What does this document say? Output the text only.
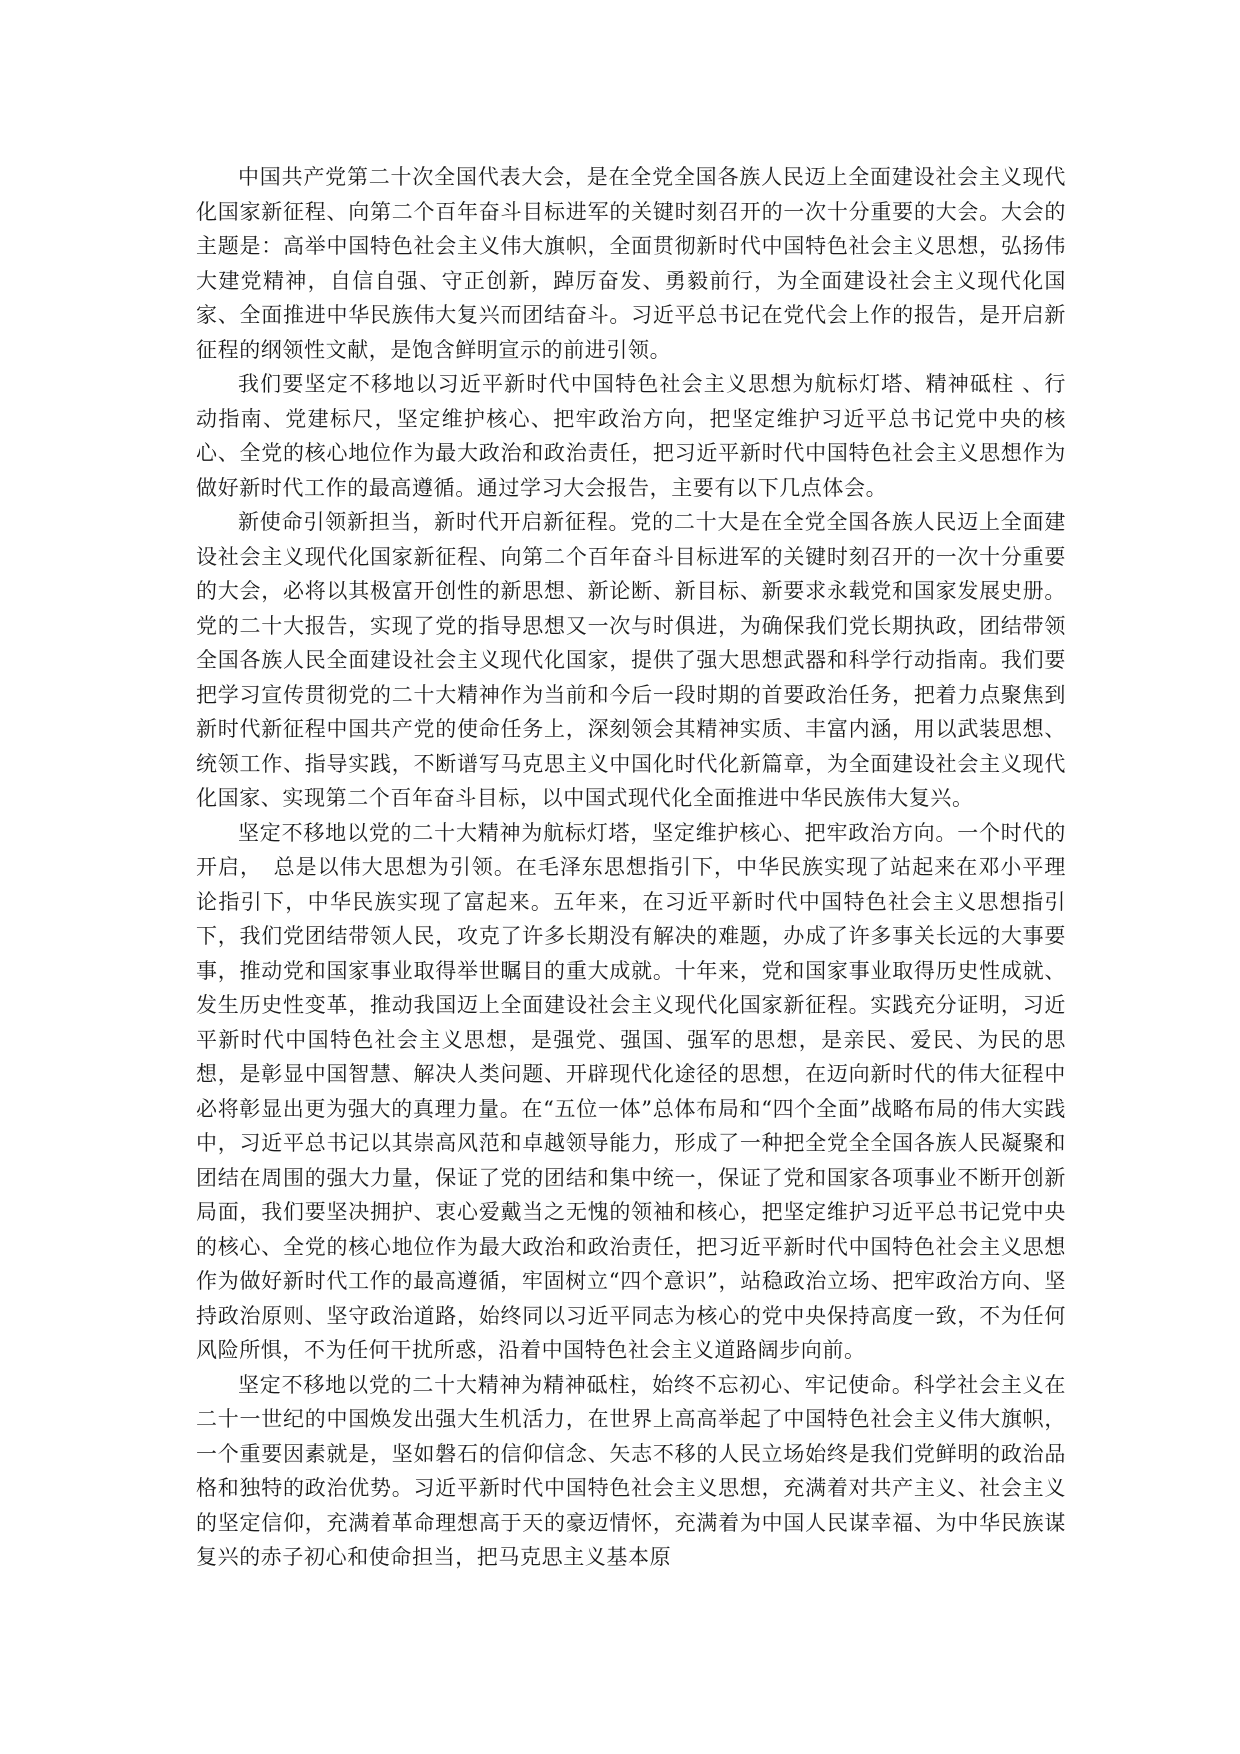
中国共产党第二十次全国代表大会，是在全党全国各族人民迈上全面建设社会主义现代化国家新征程、向第二个百年奋斗目标进军的关键时刻召开的一次十分重要的大会。大会的主题是：高举中国特色社会主义伟大旗帜，全面贯彻新时代中国特色社会主义思想，弘扬伟大建党精神，自信自强、守正创新，踔厉奋发、勇毅前行，为全面建设社会主义现代化国家、全面推进中华民族伟大复兴而团结奋斗。习近平总书记在党代会上作的报告，是开启新征程的纲领性文献，是饱含鲜明宣示的前进引领。

我们要坚定不移地以习近平新时代中国特色社会主义思想为航标灯塔、精神砥柱 、行动指南、党建标尺，坚定维护核心、把牢政治方向，把坚定维护习近平总书记党中央的核心、全党的核心地位作为最大政治和政治责任，把习近平新时代中国特色社会主义思想作为做好新时代工作的最高遵循。通过学习大会报告，主要有以下几点体会。

新使命引领新担当，新时代开启新征程。党的二十大是在全党全国各族人民迈上全面建设社会主义现代化国家新征程、向第二个百年奋斗目标进军的关键时刻召开的一次十分重要的大会，必将以其极富开创性的新思想、新论断、新目标、新要求永载党和国家发展史册。党的二十大报告，实现了党的指导思想又一次与时俱进，为确保我们党长期执政，团结带领全国各族人民全面建设社会主义现代化国家，提供了强大思想武器和科学行动指南。我们要把学习宣传贯彻党的二十大精神作为当前和今后一段时期的首要政治任务，把着力点聚焦到新时代新征程中国共产党的使命任务上，深刻领会其精神实质、丰富内涵，用以武装思想、统领工作、指导实践，不断谱写马克思主义中国化时代化新篇章，为全面建设社会主义现代化国家、实现第二个百年奋斗目标，以中国式现代化全面推进中华民族伟大复兴。

坚定不移地以党的二十大精神为航标灯塔，坚定维护核心、把牢政治方向。一个时代的开启，　总是以伟大思想为引领。在毛泽东思想指引下，中华民族实现了站起来在邓小平理论指引下，中华民族实现了富起来。五年来，在习近平新时代中国特色社会主义思想指引下，我们党团结带领人民，攻克了许多长期没有解决的难题，办成了许多事关长远的大事要事，推动党和国家事业取得举世瞩目的重大成就。十年来，党和国家事业取得历史性成就、发生历史性变革，推动我国迈上全面建设社会主义现代化国家新征程。实践充分证明，习近平新时代中国特色社会主义思想，是强党、强国、强军的思想，是亲民、爱民、为民的思想，是彰显中国智慧、解决人类问题、开辟现代化途径的思想，在迈向新时代的伟大征程中必将彰显出更为强大的真理力量。在“五位一体”总体布局和“四个全面”战略布局的伟大实践中，习近平总书记以其崇高风范和卓越领导能力，形成了一种把全党全全国各族人民凝聚和团结在周围的强大力量，保证了党的团结和集中统一，保证了党和国家各项事业不断开创新局面，我们要坚决拥护、衷心爱戴当之无愧的领袖和核心，把坚定维护习近平总书记党中央的核心、全党的核心地位作为最大政治和政治责任，把习近平新时代中国特色社会主义思想作为做好新时代工作的最高遵循，牢固树立“四个意识”，站稳政治立场、把牢政治方向、坚持政治原则、坚守政治道路，始终同以习近平同志为核心的党中央保持高度一致，不为任何风险所惧，不为任何干扰所惑，沿着中国特色社会主义道路阔步向前。

坚定不移地以党的二十大精神为精神砥柱，始终不忘初心、牢记使命。科学社会主义在二十一世纪的中国焕发出强大生机活力，在世界上高高举起了中国特色社会主义伟大旗帜，一个重要因素就是，坚如磐石的信仰信念、矢志不移的人民立场始终是我们党鲜明的政治品格和独特的政治优势。习近平新时代中国特色社会主义思想，充满着对共产主义、社会主义的坚定信仰，充满着革命理想高于天的豪迈情怀，充满着为中国人民谋幸福、为中华民族谋复兴的赤子初心和使命担当，把马克思主义基本原
